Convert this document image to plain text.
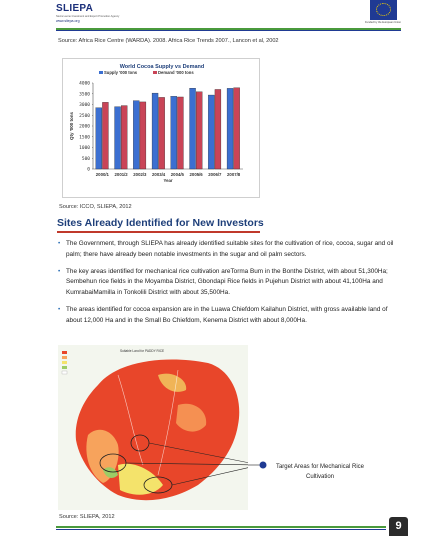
SLIEPA
Sierra Leone Investment and Export Promotion Agency
www.sliepa.org	Funded by the European Union
Source: Africa Rice Centre (WARDA). 2008. Africa Rice Trends 2007., Lancon et al, 2002
World Cocoa Supply vs Demand
Supply '000 tons	Demand '000 tons
0
500
1000
1500
2000
2500
3000
3500
4000
Qty '000 tons
2000/1 2001/2 2002/3 2003/4 2004/5 2005/6 2006/7 2007/8
Year
Source: ICCO, SLIEPA, 2012
Sites Already Identified for New Investors
• The Government, through SLIEPA has already identified suitable sites for the cultivation of rice, cocoa, sugar and oil palm; there have already been notable investments in the sugar and oil palm sectors.
• The key areas identified for mechanical rice cultivation areTorma Bum in the Bonthe District, with about 51,300Ha; Sembehun rice fields in the Moyamba District, Gbondapi Rice fields in Pujehun District with about 41,100Ha and KumrabaiMamilla in Tonkolili District with about 35,500Ha.
• The areas identified for cocoa expansion are in the Luawa Chiefdom Kailahun District, with gross available land of about 12,000 Ha and in the Small Bo Chiefdom, Kenema District with about 8,000Ha.
Suitable Land for PADDY RICE
Target Areas for Mechanical Rice Cultivation
Source: SLIEPA, 2012
9
